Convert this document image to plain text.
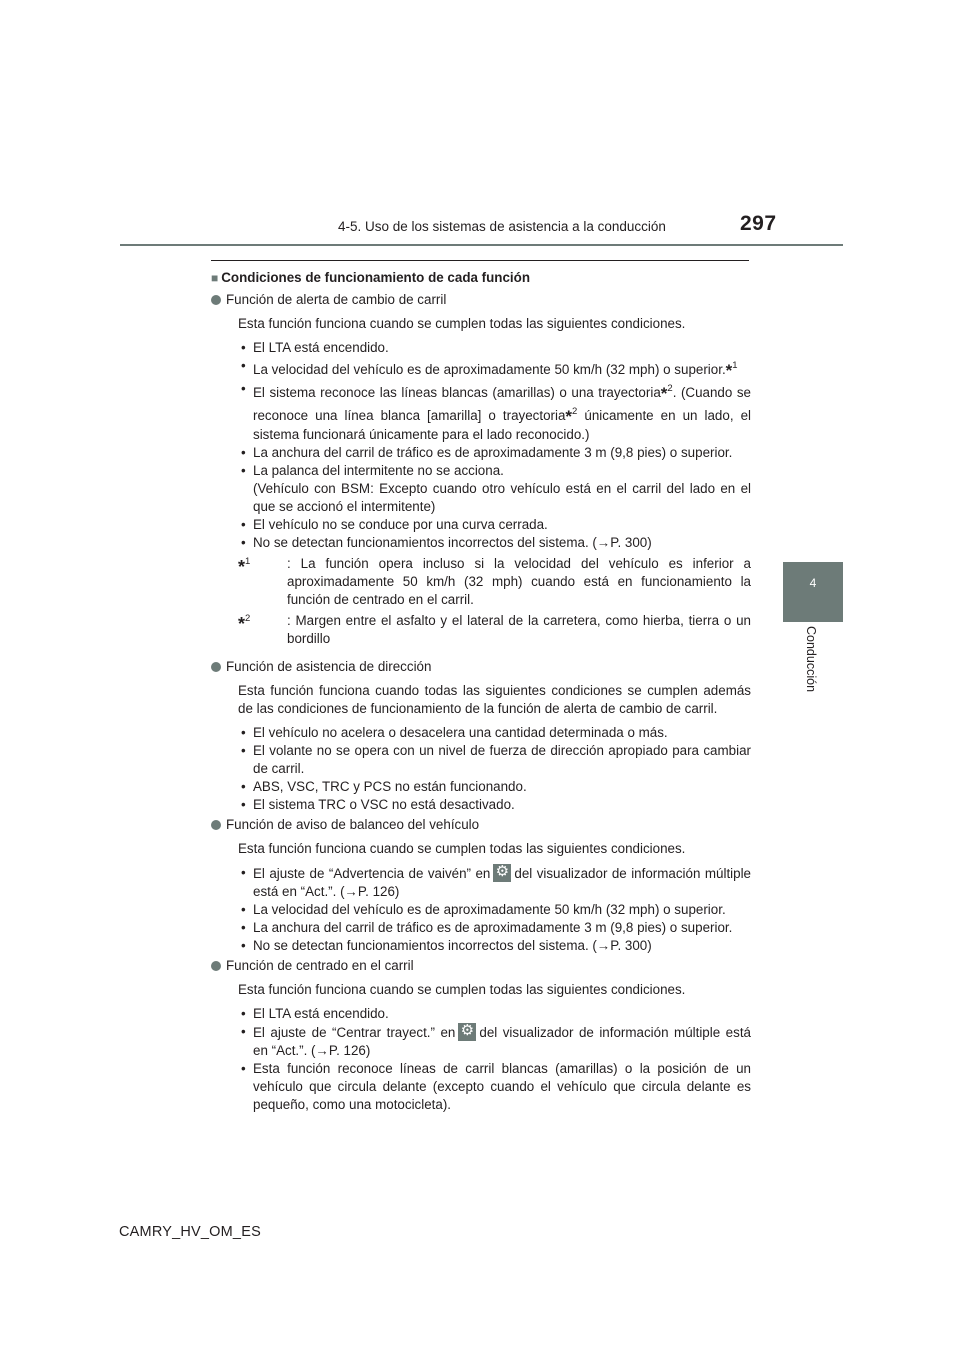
4-5. Uso de los sistemas de asistencia a la conducción	297
4
Conducción
■ Condiciones de funcionamiento de cada función
Función de alerta de cambio de carril

Esta función funciona cuando se cumplen todas las siguientes condiciones.

• El LTA está encendido.
• La velocidad del vehículo es de aproximadamente 50 km/h (32 mph) o superior.*$^1$
• El sistema reconoce las líneas blancas (amarillas) o una trayectoria*$^2$. (Cuando se reconoce una línea blanca [amarilla] o trayectoria*$^2$ únicamente en un lado, el sistema funcionará únicamente para el lado reconocido.)
• La anchura del carril de tráfico es de aproximadamente 3 m (9,8 pies) o superior.
• La palanca del intermitente no se acciona.
(Vehículo con BSM: Excepto cuando otro vehículo está en el carril del lado en el que se accionó el intermitente)
• El vehículo no se conduce por una curva cerrada.
• No se detectan funcionamientos incorrectos del sistema. (→P. 300)
*$^1$	: La función opera incluso si la velocidad del vehículo es inferior a aproximadamente 50 km/h (32 mph) cuando está en funcionamiento la función de centrado en el carril.
*$^2$	: Margen entre el asfalto y el lateral de la carretera, como hierba, tierra o un bordillo
Función de asistencia de dirección

Esta función funciona cuando todas las siguientes condiciones se cumplen además de las condiciones de funcionamiento de la función de alerta de cambio de carril.

• El vehículo no acelera o desacelera una cantidad determinada o más.
• El volante no se opera con un nivel de fuerza de dirección apropiado para cambiar de carril.
• ABS, VSC, TRC y PCS no están funcionando.
• El sistema TRC o VSC no está desactivado.
Función de aviso de balanceo del vehículo

Esta función funciona cuando se cumplen todas las siguientes condiciones.

• El ajuste de “Advertencia de vaivén” en ⚙ del visualizador de información múltiple está en “Act.”. (→P. 126)
• La velocidad del vehículo es de aproximadamente 50 km/h (32 mph) o superior.
• La anchura del carril de tráfico es de aproximadamente 3 m (9,8 pies) o superior.
• No se detectan funcionamientos incorrectos del sistema. (→P. 300)
Función de centrado en el carril

Esta función funciona cuando se cumplen todas las siguientes condiciones.

• El LTA está encendido.
• El ajuste de “Centrar trayect.” en ⚙ del visualizador de información múltiple está en “Act.”. (→P. 126)
• Esta función reconoce líneas de carril blancas (amarillas) o la posición de un vehículo que circula delante (excepto cuando el vehículo que circula delante es pequeño, como una motocicleta).
CAMRY_HV_OM_ES
